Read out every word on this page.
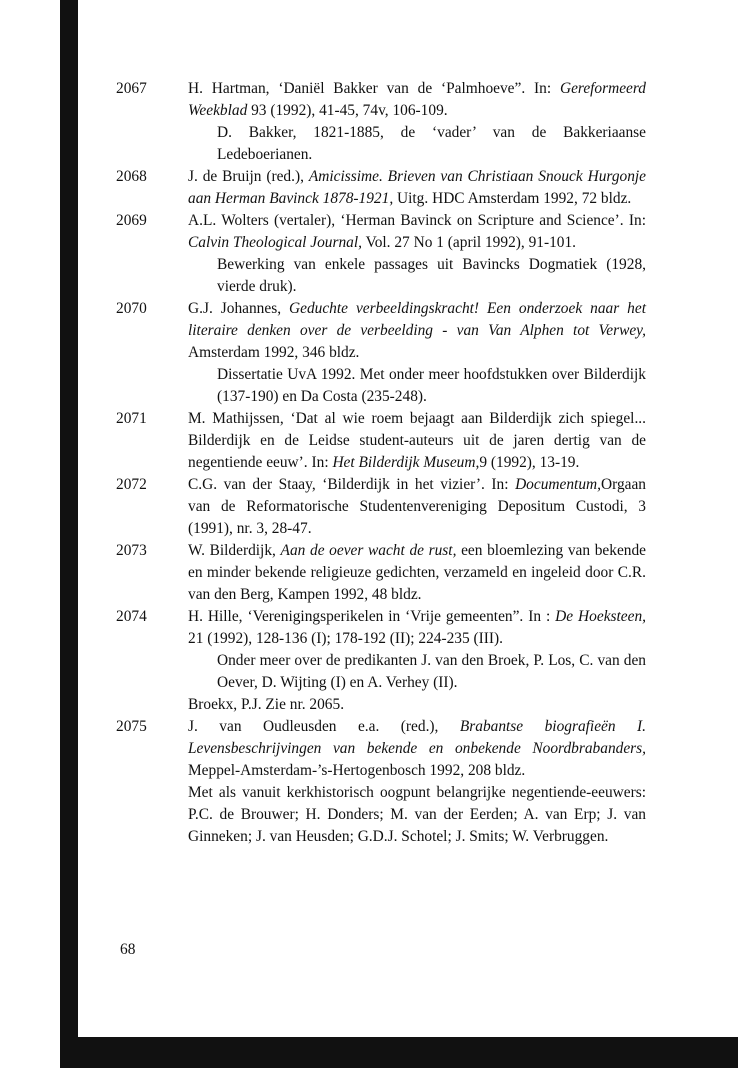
2067	H. Hartman, ‘Daniël Bakker van de ‘Palmhoeve”. In: Gereformeerd Weekblad 93 (1992), 41-45, 74v, 106-109.

D. Bakker, 1821-1885, de ‘vader’ van de Bakkeriaanse Ledeboerianen.

2068	J. de Bruijn (red.), Amicissime. Brieven van Christiaan Snouck Hurgonje aan Herman Bavinck 1878-1921, Uitg. HDC Amsterdam 1992, 72 bldz.

2069	A.L. Wolters (vertaler), ‘Herman Bavinck on Scripture and Science’. In: Calvin Theological Journal, Vol. 27 No 1 (april 1992), 91-101.

Bewerking van enkele passages uit Bavincks Dogmatiek (1928, vierde druk).

2070	G.J. Johannes, Geduchte verbeeldingskracht! Een onderzoek naar het literaire denken over de verbeelding - van Van Alphen tot Verwey, Amsterdam 1992, 346 bldz.

Dissertatie UvA 1992. Met onder meer hoofdstukken over Bilderdijk (137-190) en Da Costa (235-248).

2071	M. Mathijssen, ‘Dat al wie roem bejaagt aan Bilderdijk zich spiegel... Bilderdijk en de Leidse student-auteurs uit de jaren dertig van de negentiende eeuw’. In: Het Bilderdijk Museum,9 (1992), 13-19.

2072	C.G. van der Staay, ‘Bilderdijk in het vizier’. In: Documentum,Orgaan van de Reformatorische Studentenvereniging Depositum Custodi, 3 (1991), nr. 3, 28-47.

2073	W. Bilderdijk, Aan de oever wacht de rust, een bloemlezing van bekende en minder bekende religieuze gedichten, verzameld en ingeleid door C.R. van den Berg, Kampen 1992, 48 bldz.

2074	H. Hille, ‘Verenigingsperikelen in ‘Vrije gemeenten”. In : De Hoeksteen, 21 (1992), 128-136 (I); 178-192 (II); 224-235 (III).

Onder meer over de predikanten J. van den Broek, P. Los, C. van den Oever, D. Wijting (I) en A. Verhey (II).

Broekx, P.J. Zie nr. 2065.
2075	J. van Oudleusden e.a. (red.), Brabantse biografieën I. Levensbeschrijvingen van bekende en onbekende Noordbrabanders, Meppel-Amsterdam-’s-Hertogenbosch 1992, 208 bldz.

Met als vanuit kerkhistorisch oogpunt belangrijke negentiende-eeuwers: P.C. de Brouwer; H. Donders; M. van der Eerden; A. van Erp; J. van Ginneken; J. van Heusden; G.D.J. Schotel; J. Smits; W. Verbruggen.

68
